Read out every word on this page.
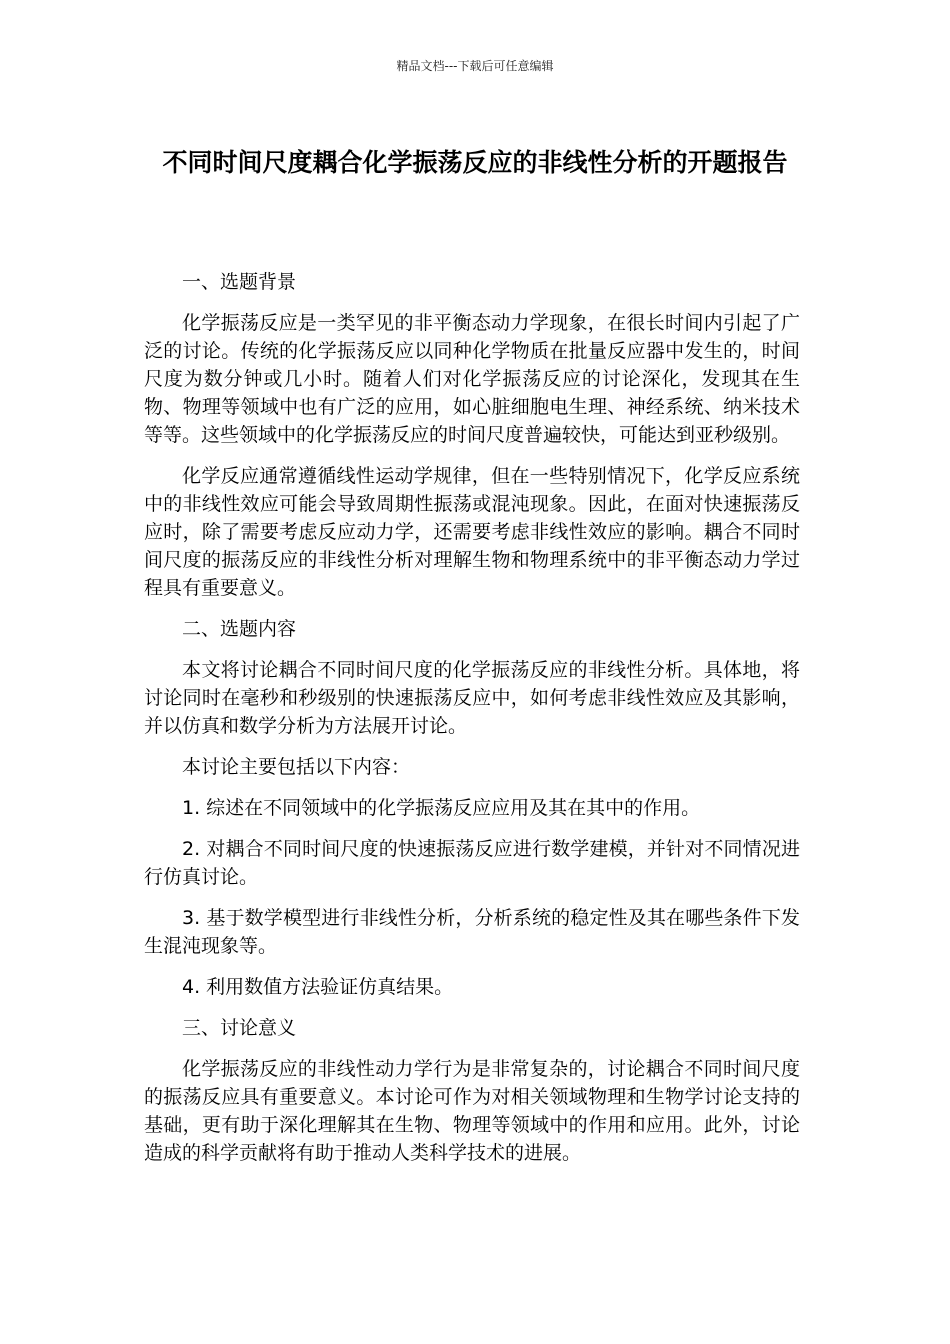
精品文档---下载后可任意编辑
不同时间尺度耦合化学振荡反应的非线性分析的开题报告

一、选题背景

化学振荡反应是一类罕见的非平衡态动力学现象，在很长时间内引起了广泛的讨论。传统的化学振荡反应以同种化学物质在批量反应器中发生的，时间尺度为数分钟或几小时。随着人们对化学振荡反应的讨论深化，发现其在生物、物理等领域中也有广泛的应用，如心脏细胞电生理、神经系统、纳米技术等等。这些领域中的化学振荡反应的时间尺度普遍较快，可能达到亚秒级别。

化学反应通常遵循线性运动学规律，但在一些特别情况下，化学反应系统中的非线性效应可能会导致周期性振荡或混沌现象。因此，在面对快速振荡反应时，除了需要考虑反应动力学，还需要考虑非线性效应的影响。耦合不同时间尺度的振荡反应的非线性分析对理解生物和物理系统中的非平衡态动力学过程具有重要意义。

二、选题内容

本文将讨论耦合不同时间尺度的化学振荡反应的非线性分析。具体地，将讨论同时在毫秒和秒级别的快速振荡反应中，如何考虑非线性效应及其影响，并以仿真和数学分析为方法展开讨论。

本讨论主要包括以下内容：

1. 综述在不同领域中的化学振荡反应应用及其在其中的作用。

2. 对耦合不同时间尺度的快速振荡反应进行数学建模，并针对不同情况进行仿真讨论。

3. 基于数学模型进行非线性分析，分析系统的稳定性及其在哪些条件下发生混沌现象等。

4. 利用数值方法验证仿真结果。

三、讨论意义

化学振荡反应的非线性动力学行为是非常复杂的，讨论耦合不同时间尺度的振荡反应具有重要意义。本讨论可作为对相关领域物理和生物学讨论支持的基础，更有助于深化理解其在生物、物理等领域中的作用和应用。此外，讨论造成的科学贡献将有助于推动人类科学技术的进展。
